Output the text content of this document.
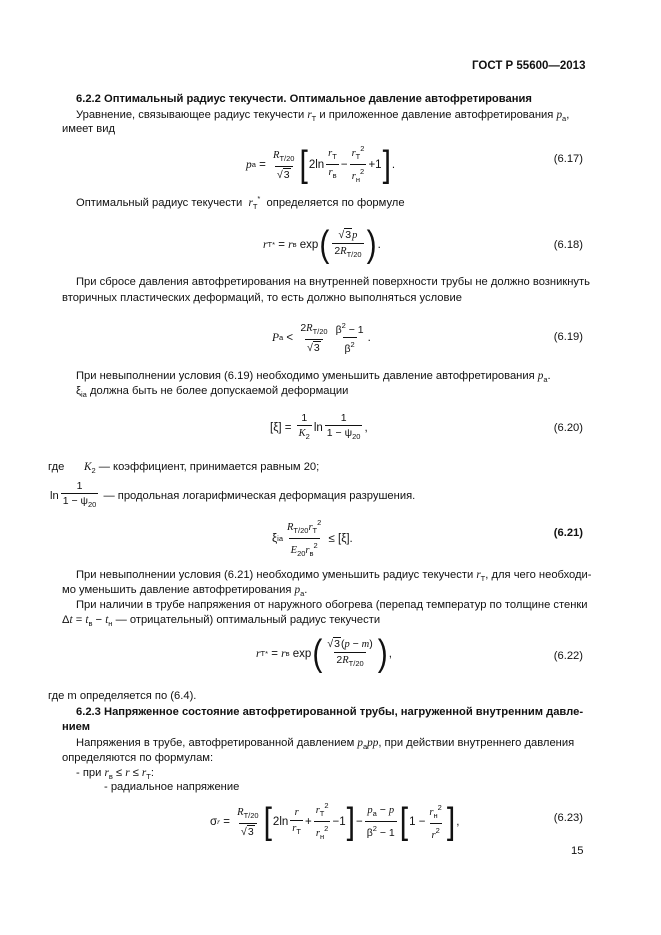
ГОСТ Р 55600—2013
6.2.2 Оптимальный радиус текучести. Оптимальное давление автофретирования
Уравнение, связывающее радиус текучести $r_Т$ и приложенное давление автофретирования $p_а$,
имеет вид
p $а = \frac{R_{Т/20}}{√ 3}$ [ $2\ln \frac{r_Т}{r_в} - \frac{r_Т^2}{r_н^2} +1$ ] .	(6.17)
Оптимальный радиус текучести $r_Т^*$ определяется по формуле
r Т * = r в exp ( $\frac{√ 3 p}{2R_{Т/20}}$ ) .	(6.18)
При сбросе давления автофретирования на внутренней поверхности трубы не должно возникнуть
вторичных пластических деформаций, то есть должно выполняться условие
P $а < \frac{2R_{Т/20}}{√ 3} \frac{\beta^2 - 1}{\beta^2}$ .	(6.19)
При невыполнении условия (6.19) необходимо уменьшить давление автофретирования $p_а$.
$\xi_{iа}$ должна быть не более допускаемой деформации
$[\xi] = \frac{1}{K_2}$ $\ln \frac{1}{1 - \psi_{20}}$ ,	(6.20)
где $K_2$ — коэффициент, принимается равным 20;
$\ln \frac{1}{1 - \psi_{20}}$
— продольная логарифмическая деформация разрушения.
ξ iа $\frac{R_{Т/20}r_Т^2}{E_{20}r_в^2} \le [\xi]$.	(6.21)
При невыполнении условия (6.21) необходимо уменьшить радиус текучести $r_Т$, для чего необходи-
мо уменьшить давление автофретирования $p_а$.
При наличии в трубе напряжения от наружного обогрева (перепад температур по толщине стенки
$\Delta t = t_в - t_н$ — отрицательный) оптимальный радиус текучести
r Т * = r в exp ( $\frac{√ 3 (p - m)}{2R_{Т/20}}$ ) ,	(6.22)
где m определяется по (6.4).
6.2.3 Напряженное состояние автофретированной трубы, нагруженной внутренним давле-
нием
Напряжения в трубе, автофретированной давлением $p_аpp$, при действии внутреннего давления
определяются по формулам:
- при $r_в \le r \le r_Т$:
- радиальное напряжение
σ $r = \frac{R_{Т/20}}{√ 3}$ [ $2\ln \frac{r}{r_Т} + \frac{r_Т^2}{r_н^2} -1$ ] − $\frac{p_а - p}{\beta^2 - 1}$ [ $1 - \frac{r_н^2}{r^2}$ ] ,	(6.23)
15
